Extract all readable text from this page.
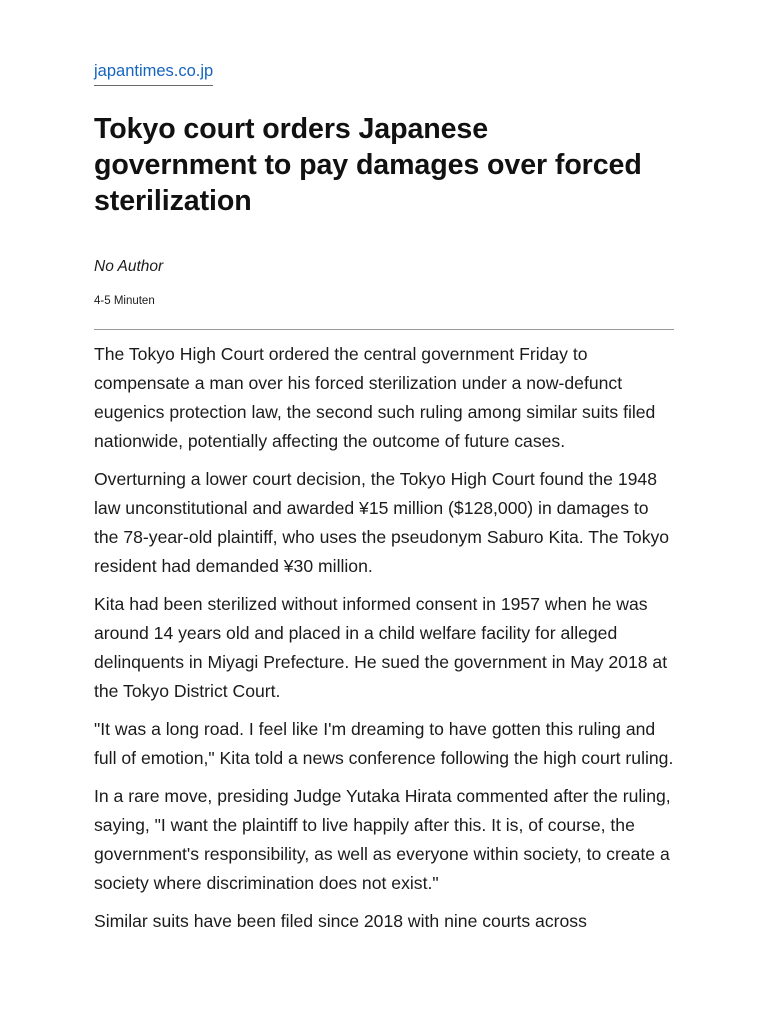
japantimes.co.jp
Tokyo court orders Japanese government to pay damages over forced sterilization
No Author
4-5 Minuten

The Tokyo High Court ordered the central government Friday to compensate a man over his forced sterilization under a now-defunct eugenics protection law, the second such ruling among similar suits filed nationwide, potentially affecting the outcome of future cases.

Overturning a lower court decision, the Tokyo High Court found the 1948 law unconstitutional and awarded ¥15 million ($128,000) in damages to the 78-year-old plaintiff, who uses the pseudonym Saburo Kita. The Tokyo resident had demanded ¥30 million.

Kita had been sterilized without informed consent in 1957 when he was around 14 years old and placed in a child welfare facility for alleged delinquents in Miyagi Prefecture. He sued the government in May 2018 at the Tokyo District Court.

"It was a long road. I feel like I'm dreaming to have gotten this ruling and full of emotion," Kita told a news conference following the high court ruling.

In a rare move, presiding Judge Yutaka Hirata commented after the ruling, saying, "I want the plaintiff to live happily after this. It is, of course, the government's responsibility, as well as everyone within society, to create a society where discrimination does not exist."

Similar suits have been filed since 2018 with nine courts across
